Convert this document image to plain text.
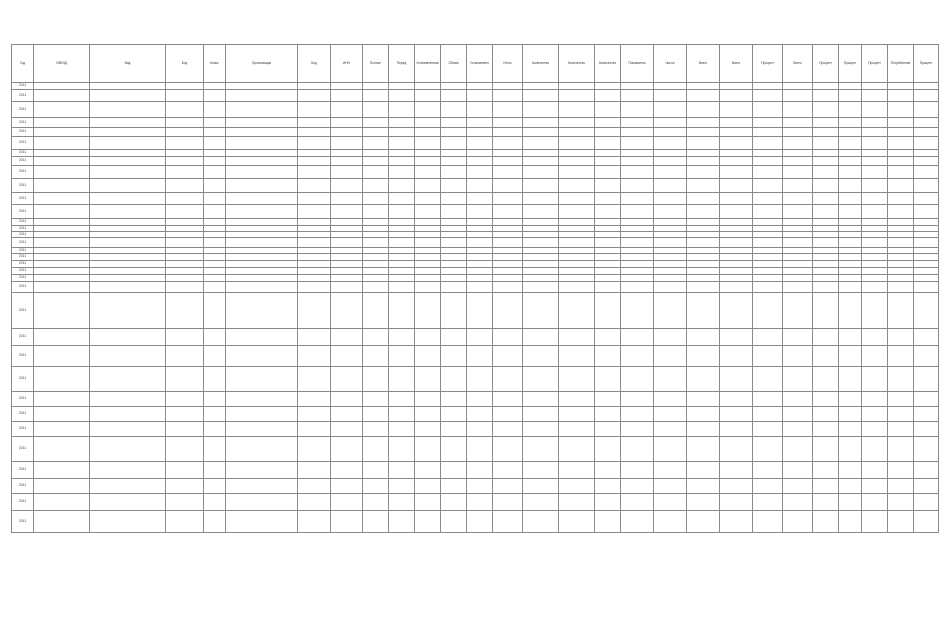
Год	ОКВЭД	Вид	Код	Класс	Организация	Код	ИНН	Полное	Перед	Установленная	Объем	Установлено	Итого	Количество	Количество	Количество	Показатель	Число	Всего	Всего	Процент	Всего	Процент	Процент	Процент	Потребление	Процент
2011																											
2011																											
2011																											
2011																											
2011																											
2011																											
2011																											
2011																											
2011																											
2011																											
2011																											
2011																											
2011																											
2011																											
2011																											
2011																											
2011																											
2011																											
2011																											
2011																											
2011																											
2011																											
2011																											
2011																											
2011																											
2011																											
2011																											
2011																											
2011																											
2011																											
2011																											
2011																											
2011																											
2011																											
